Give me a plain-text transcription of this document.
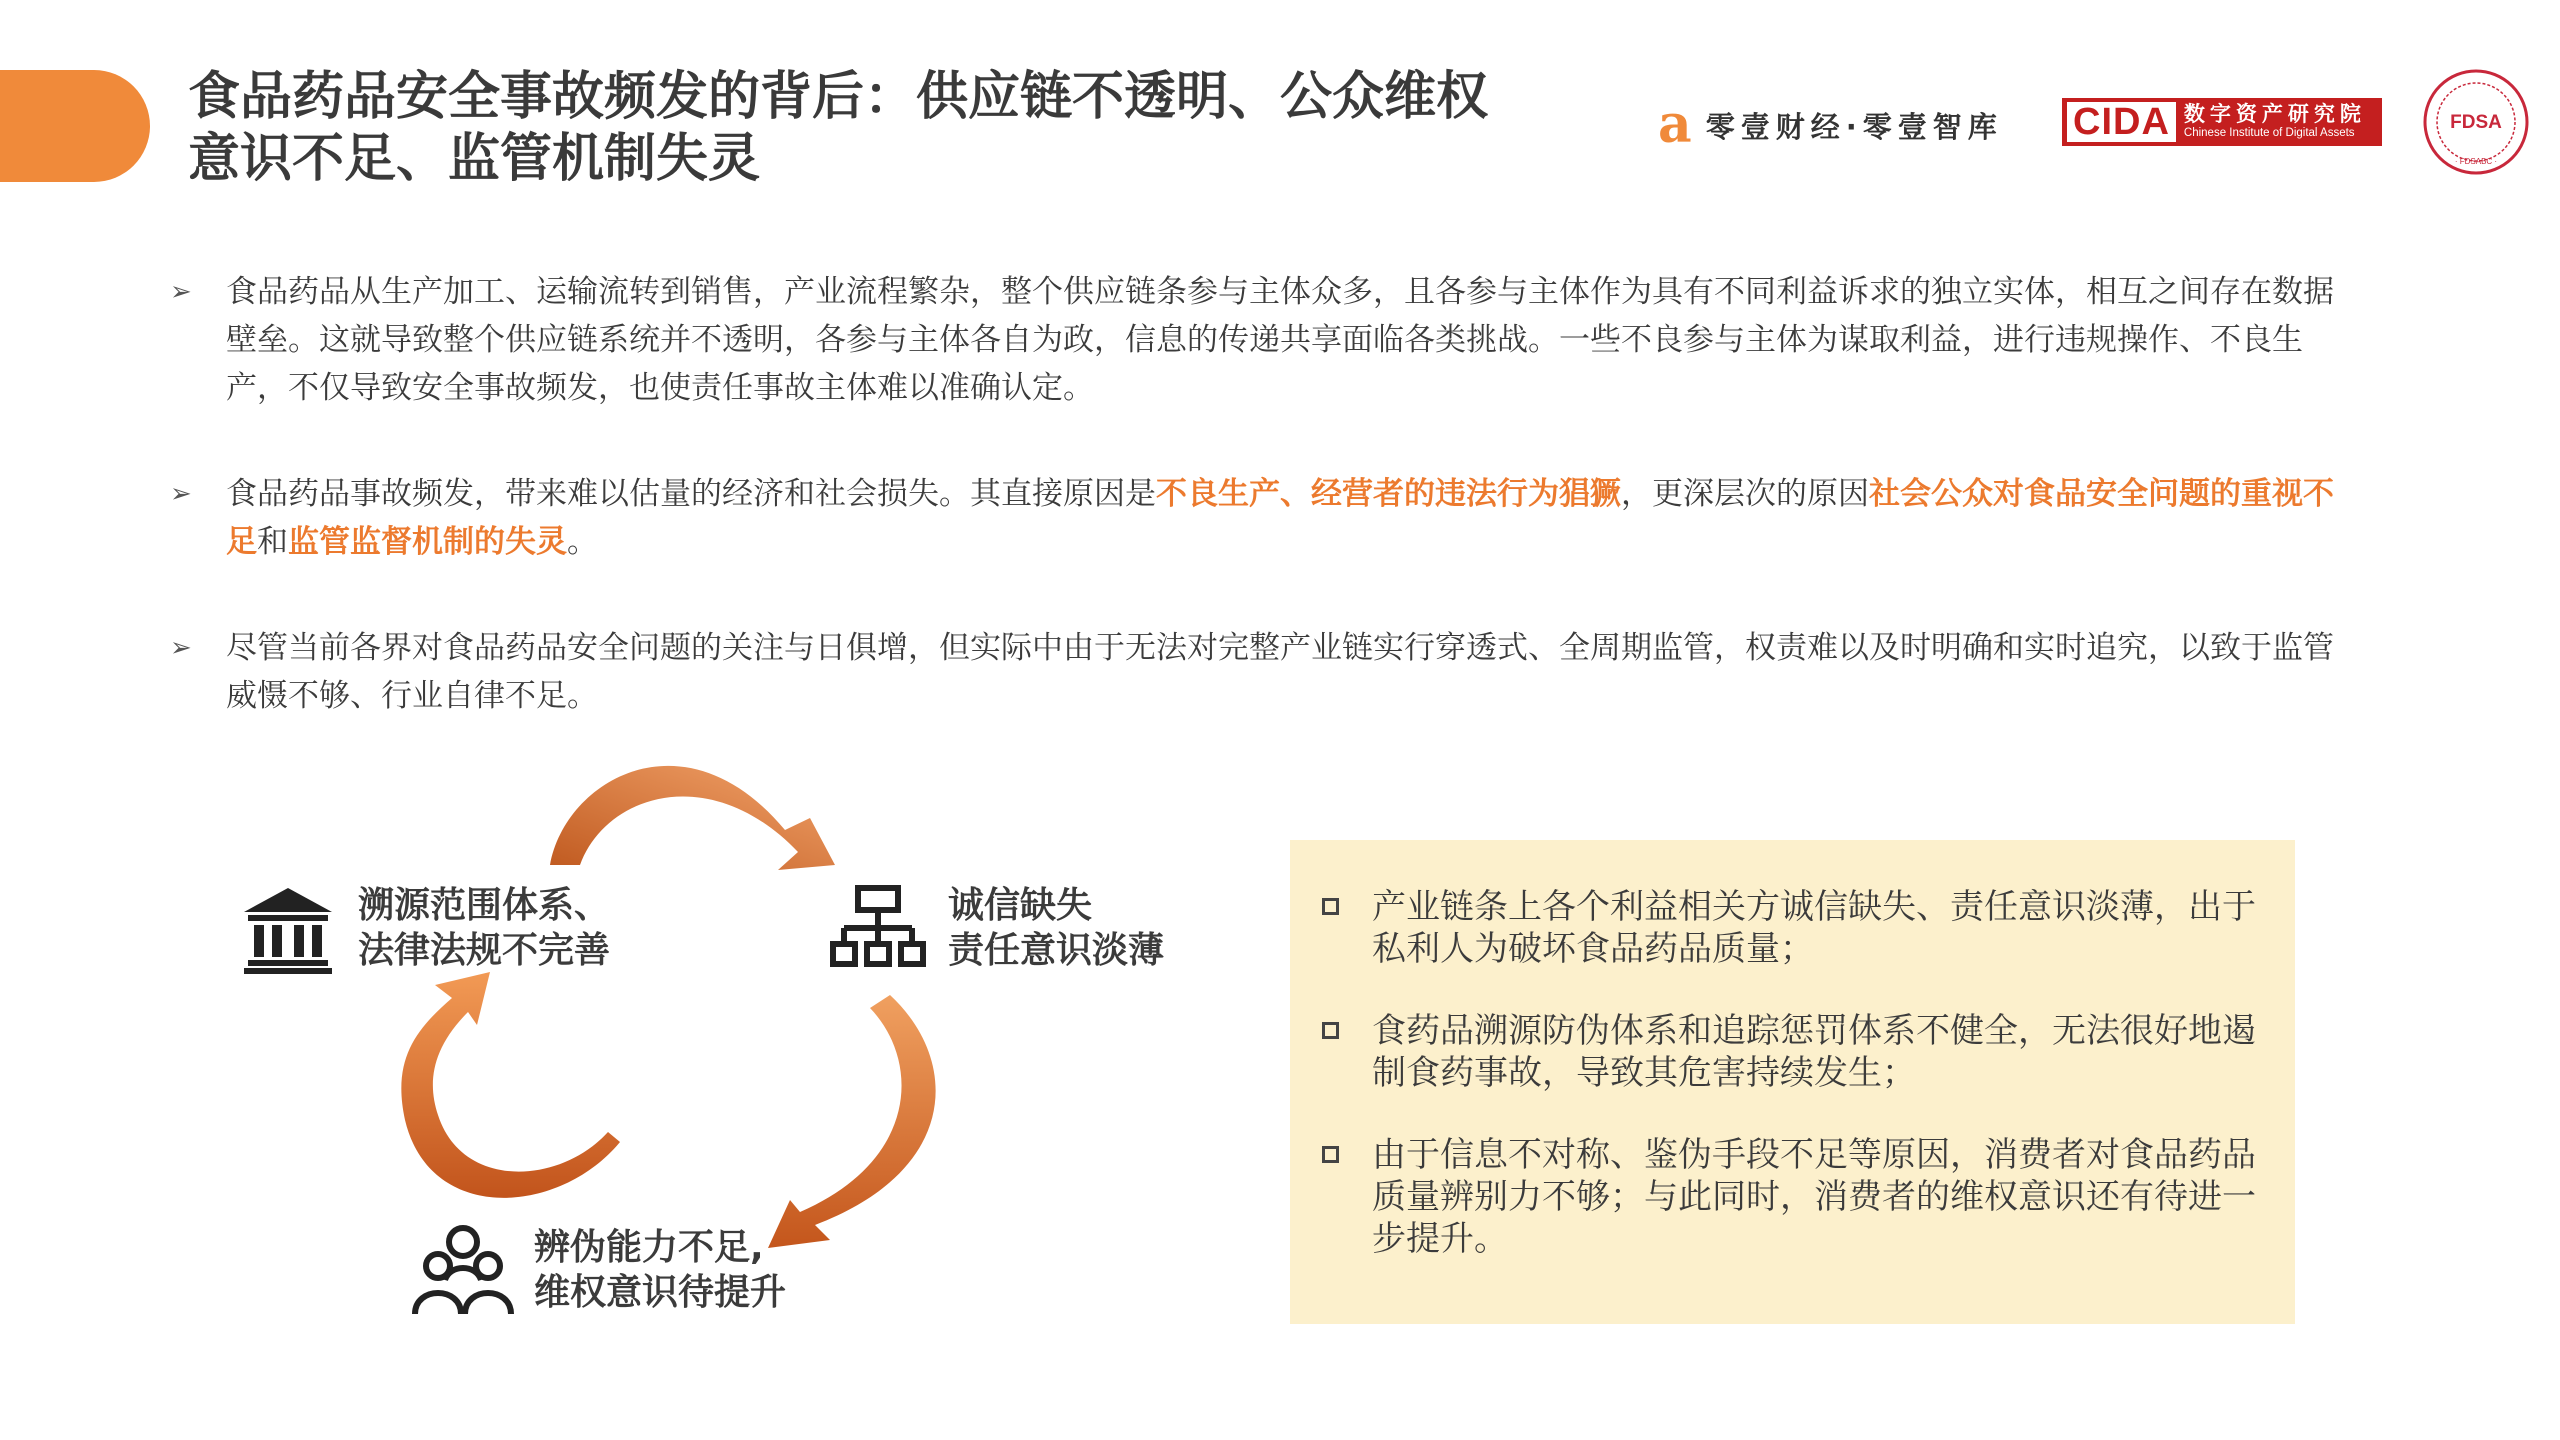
食品药品安全事故频发的背后：供应链不透明、公众维权
意识不足、监管机制失灵
a 零壹财经·零壹智库 CIDA 数字资产研究院
Chinese Institute of Digital Assets
FDSA
· FDSABC ·
➢ 食品药品从生产加工、运输流转到销售，产业流程繁杂，整个供应链条参与主体众多，且各参与主体作为具有不同利益诉求的独立实体，相互之间存在数据壁垒。这就导致整个供应链系统并不透明，各参与主体各自为政，信息的传递共享面临各类挑战。一些不良参与主体为谋取利益，进行违规操作、不良生产，不仅导致安全事故频发，也使责任事故主体难以准确认定。
➢ 食品药品事故频发，带来难以估量的经济和社会损失。其直接原因是不良生产、经营者的违法行为猖獗，更深层次的原因社会公众对食品安全问题的重视不足和监管监督机制的失灵。
➢ 尽管当前各界对食品药品安全问题的关注与日俱增，但实际中由于无法对完整产业链实行穿透式、全周期监管，权责难以及时明确和实时追究，以致于监管威慑不够、行业自律不足。
溯源范围体系、
法律法规不完善
诚信缺失
责任意识淡薄
辨伪能力不足,
维权意识待提升
产业链条上各个利益相关方诚信缺失、责任意识淡薄，出于私利人为破坏食品药品质量；
食药品溯源防伪体系和追踪惩罚体系不健全，无法很好地遏制食药事故，导致其危害持续发生；
由于信息不对称、鉴伪手段不足等原因，消费者对食品药品质量辨别力不够；与此同时，消费者的维权意识还有待进一步提升。
